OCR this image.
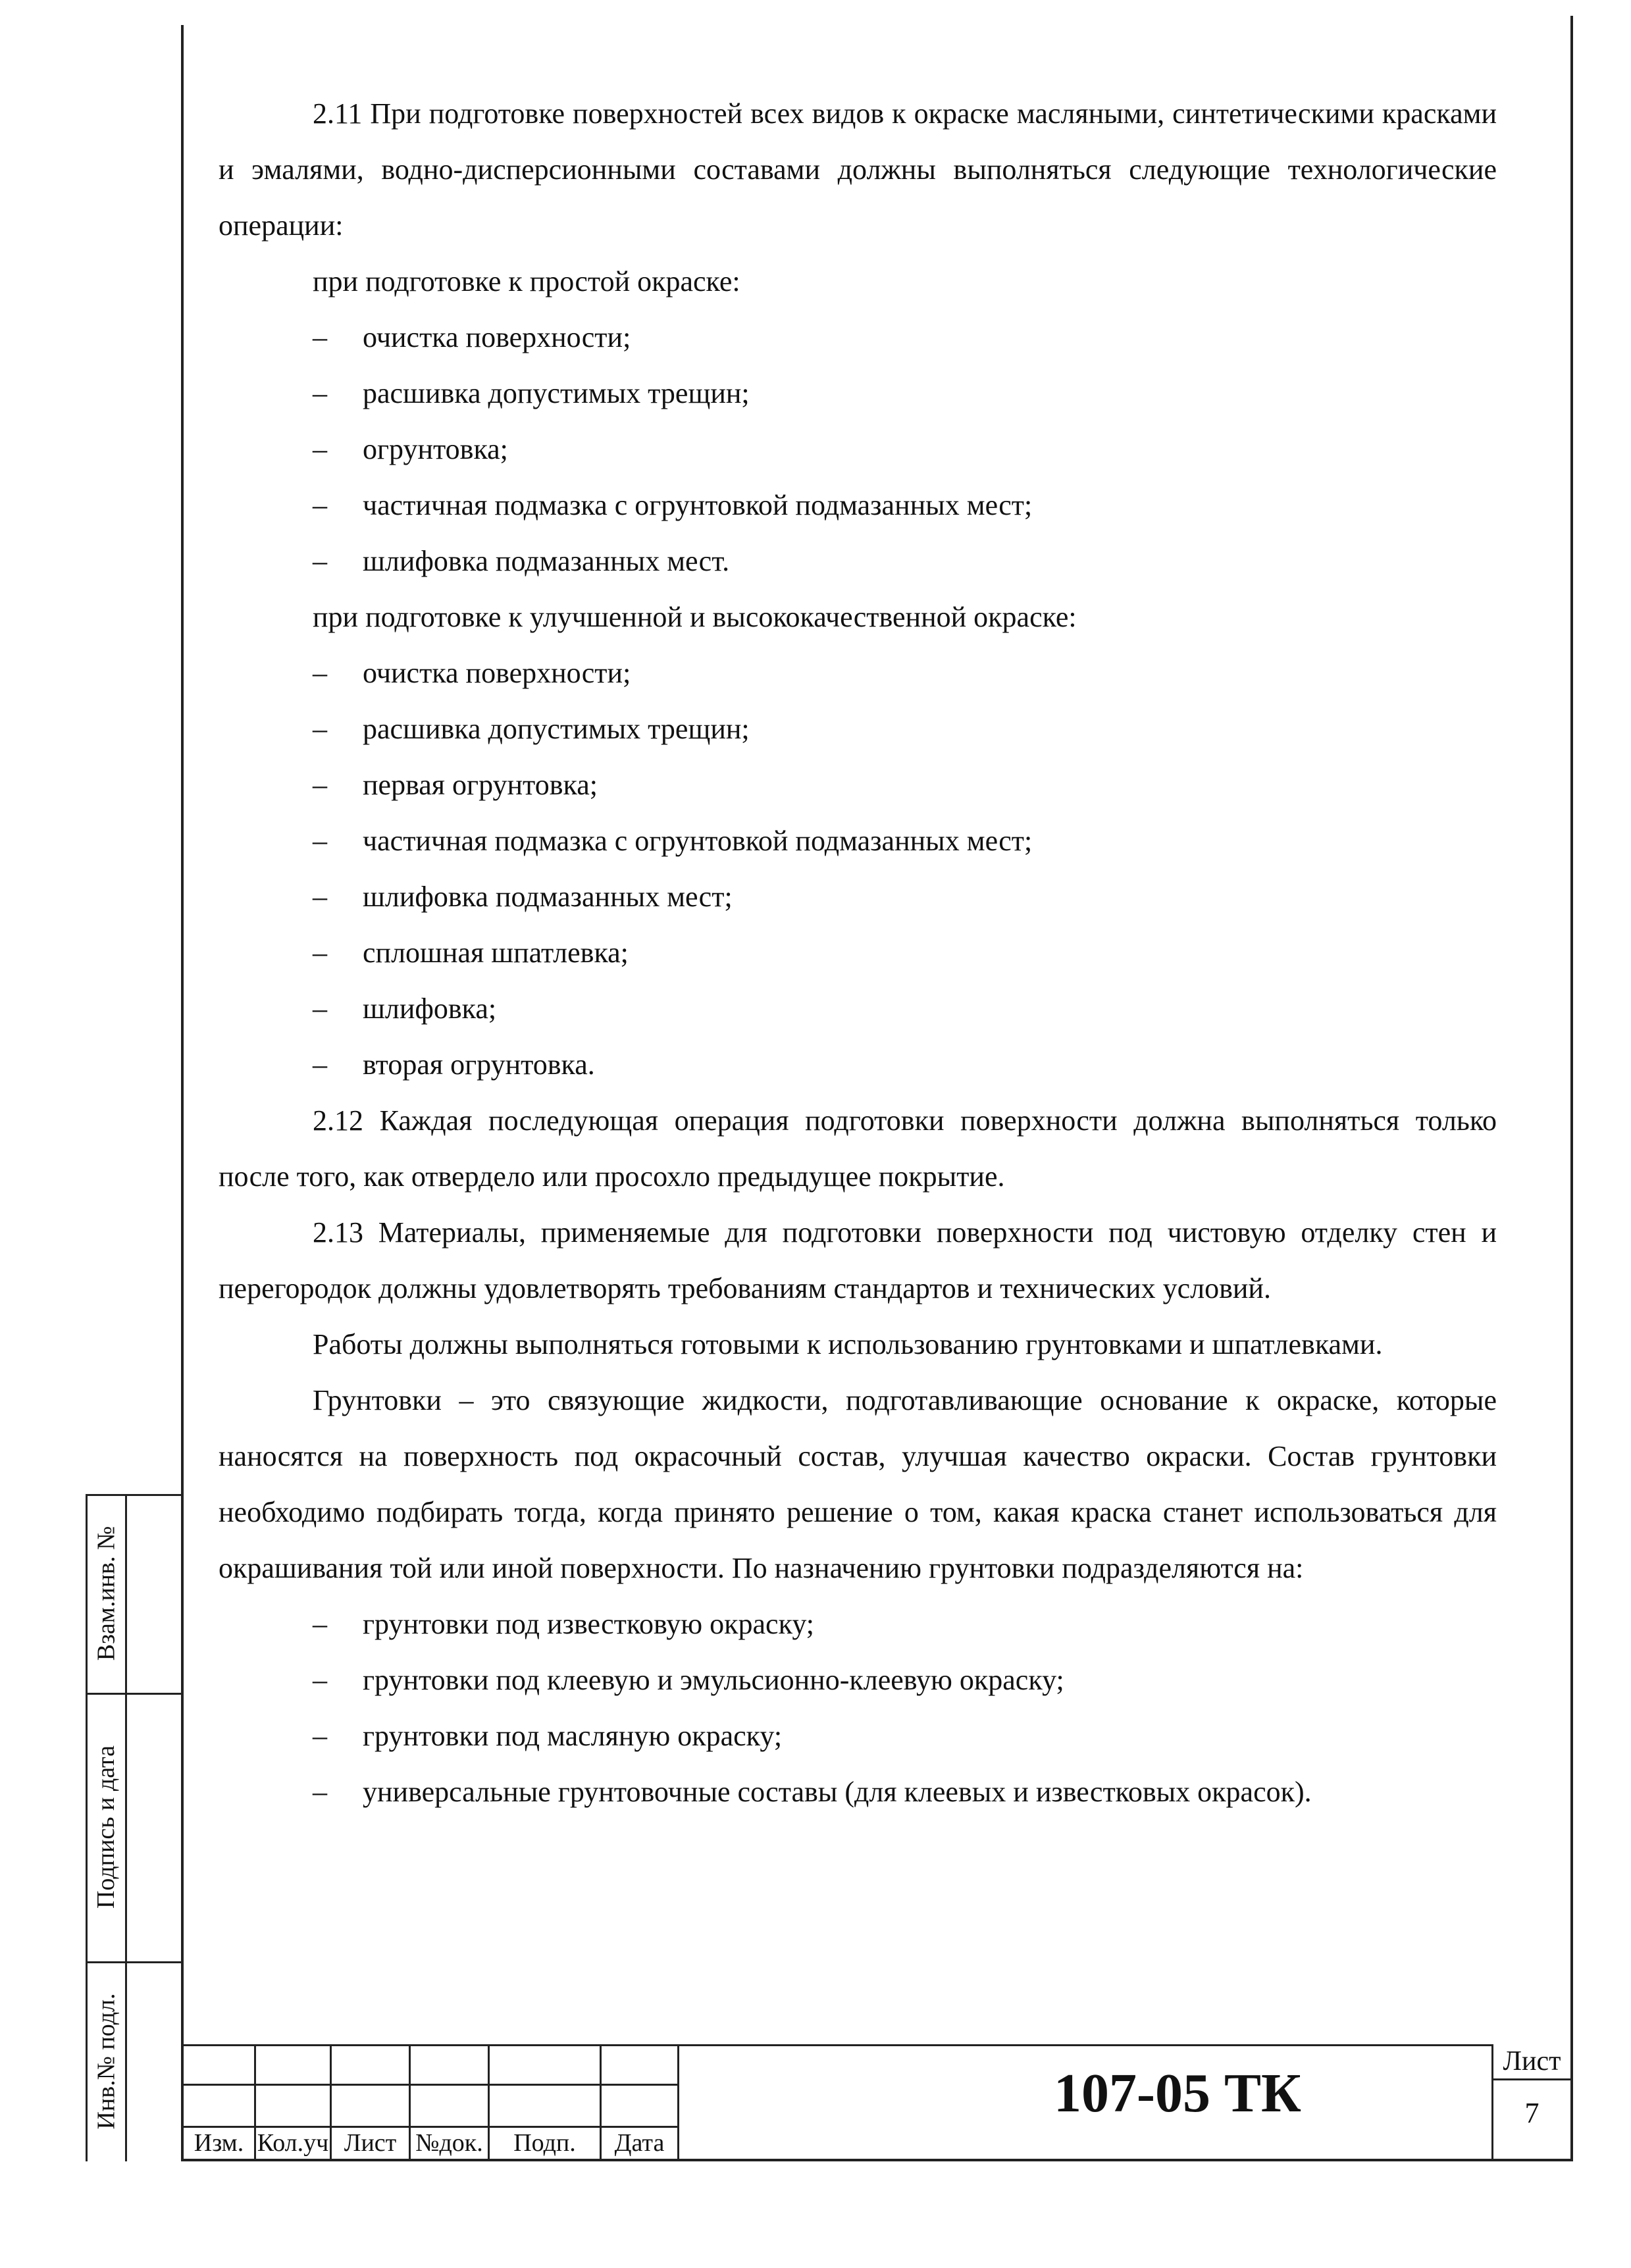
2.11 При подготовке поверхностей всех видов к окраске масляными, синтетическими красками и эмалями, водно-дисперсионными составами должны выполняться следующие технологические операции:

при подготовке к простой окраске:

– очистка поверхности;

– расшивка допустимых трещин;

– огрунтовка;

– частичная подмазка с огрунтовкой подмазанных мест;

– шлифовка подмазанных мест.

при подготовке к улучшенной и высококачественной окраске:

– очистка поверхности;

– расшивка допустимых трещин;

– первая огрунтовка;

– частичная подмазка с огрунтовкой подмазанных мест;

– шлифовка подмазанных мест;

– сплошная шпатлевка;

– шлифовка;

– вторая огрунтовка.

2.12 Каждая последующая операция подготовки поверхности должна выполняться только после того, как отвердело или просохло предыдущее покрытие.

2.13 Материалы, применяемые для подготовки поверхности под чистовую отделку стен и перегородок должны удовлетворять требованиям стандартов и технических условий.

Работы должны выполняться готовыми к использованию грунтовками и шпатлевками.

Грунтовки – это связующие жидкости, подготавливающие основание к окраске, которые наносятся на поверхность под окрасочный состав, улучшая качество окраски. Состав грунтовки необходимо подбирать тогда, когда принято решение о том, какая краска станет использоваться для окрашивания той или иной поверхности. По назначению грунтовки подразделяются на:

– грунтовки под известковую окраску;

– грунтовки под клеевую и эмульсионно-клеевую окраску;

– грунтовки под масляную окраску;

– универсальные грунтовочные составы (для клеевых и известковых окрасок).

Взам.инв. №
Подпись и дата
Инв.№ подл.
Изм. Кол.уч Лист №док.	Подп.	Дата
107-05 ТК
Лист
7
